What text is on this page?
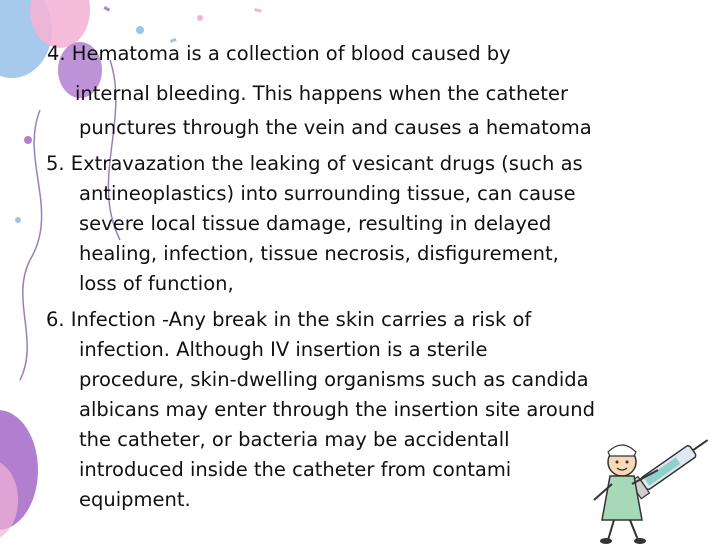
4. Hematoma is a collection of blood caused by
internal bleeding. This happens when the catheter
punctures through the vein and causes a hematoma
5. Extravazation the leaking of vesicant drugs (such as
antineoplastics) into surrounding tissue, can cause
severe local tissue damage, resulting in delayed
healing, infection, tissue necrosis, disfigurement,
loss of function,
6. Infection -Any break in the skin carries a risk of
infection. Although IV insertion is a sterile
procedure, skin-dwelling organisms such as candida
albicans may enter through the insertion site around
the catheter, or bacteria may be accidentall
introduced inside the catheter from contami
equipment.
